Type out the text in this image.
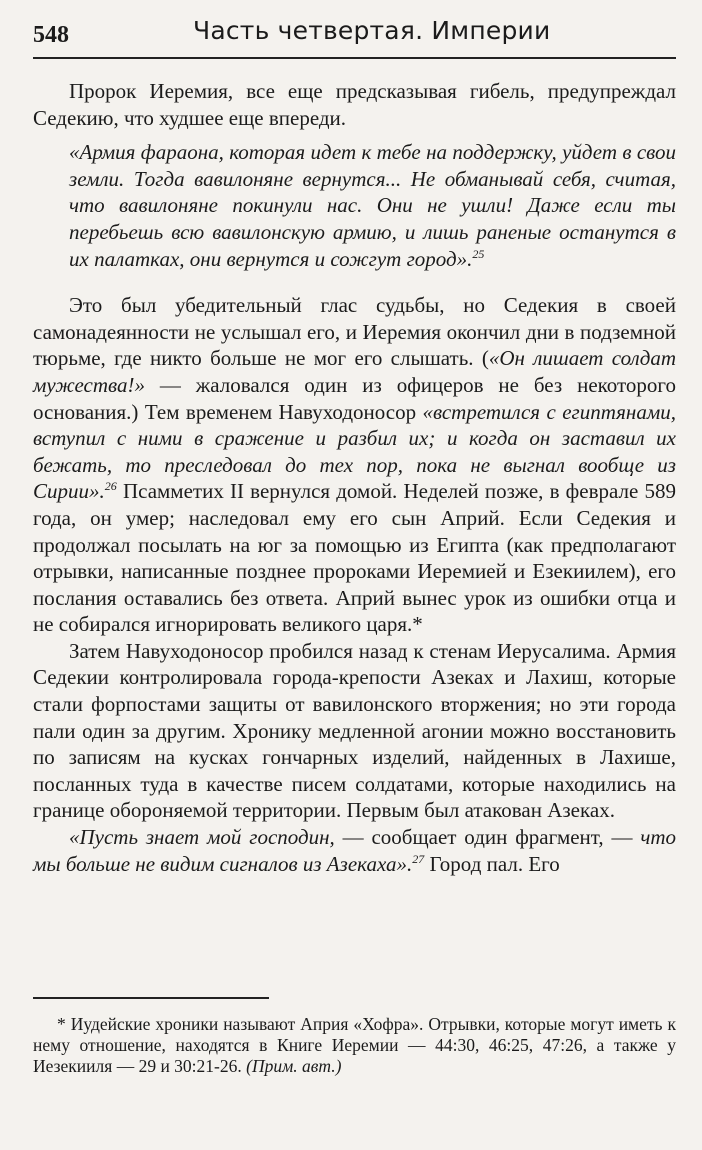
548	Часть четвертая. Империи

Пророк Иеремия, все еще предсказывая гибель, предупреждал Седекию, что худшее еще впереди.

«Армия фараона, которая идет к тебе на поддержку, уйдет в свои земли. Тогда вавилоняне вернутся... Не обманывай себя, считая, что вавилоняне покинули нас. Они не ушли! Даже если ты перебьешь всю вавилонскую армию, и лишь раненые останутся в их палатках, они вернутся и сожгут город».$^{25}$

Это был убедительный глас судьбы, но Седекия в своей самонадеянности не услышал его, и Иеремия окончил дни в подземной тюрьме, где никто больше не мог его слышать. («Он лишает солдат мужества!» — жаловался один из офицеров не без некоторого основания.) Тем временем Навуходоносор «встретился с египтянами, вступил с ними в сражение и разбил их; и когда он заставил их бежать, то преследовал до тех пор, пока не выгнал вообще из Сирии».$^{26}$ Псамметих II вернулся домой. Неделей позже, в феврале 589 года, он умер; наследовал ему его сын Априй. Если Седекия и продолжал посылать на юг за помощью из Египта (как предполагают отрывки, написанные позднее пророками Иеремией и Езекиилем), его послания оставались без ответа. Априй вынес урок из ошибки отца и не собирался игнорировать великого царя.*

Затем Навуходоносор пробился назад к стенам Иерусалима. Армия Седекии контролировала города-крепости Азеках и Лахиш, которые стали форпостами защиты от вавилонского вторжения; но эти города пали один за другим. Хронику медленной агонии можно восстановить по записям на кусках гончарных изделий, найденных в Лахише, посланных туда в качестве писем солдатами, которые находились на границе обороняемой территории. Первым был атакован Азеках.

«Пусть знает мой господин, — сообщает один фрагмент, — что мы больше не видим сигналов из Азекаха».$^{27}$ Город пал. Его

* Иудейские хроники называют Априя «Хофра». Отрывки, которые могут иметь к нему отношение, находятся в Книге Иеремии — 44:30, 46:25, 47:26, а также у Иезекииля — 29 и 30:21-26. (Прим. авт.)
